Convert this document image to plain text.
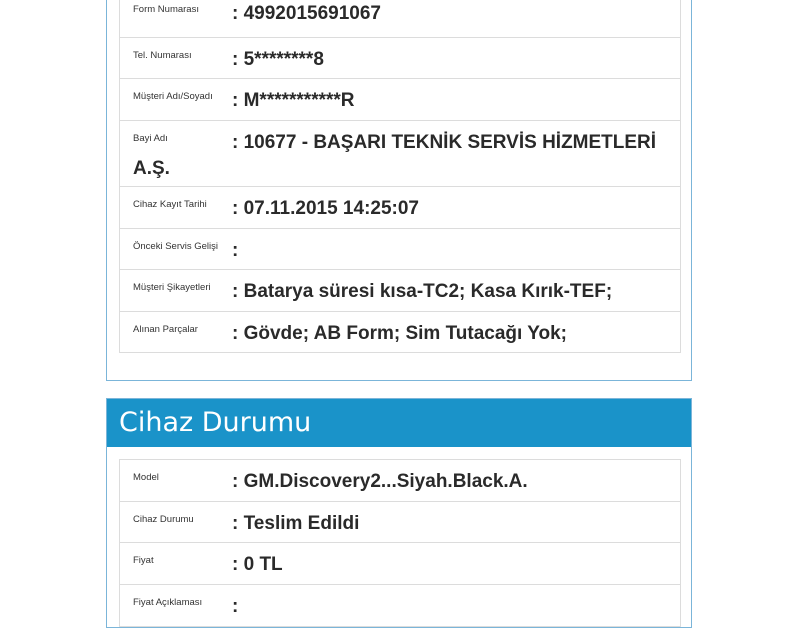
Form Numarası : 4992015691067
Tel. Numarası : 5********8
Müşteri Adı/Soyadı : M***********R
Bayi Adı	: 10677 - BAŞARI TEKNİK SERVİS HİZMETLERİ A.Ş.
Cihaz Kayıt Tarihi : 07.11.2015 14:25:07
Önceki Servis Gelişi :
Müşteri Şikayetleri : Batarya süresi kısa-TC2; Kasa Kırık-TEF;
Alınan Parçalar : Gövde; AB Form; Sim Tutacağı Yok;
Cihaz Durumu
Model	: GM.Discovery2...Siyah.Black.A.
Cihaz Durumu : Teslim Edildi
Fiyat	: 0 TL
Fiyat Açıklaması :
